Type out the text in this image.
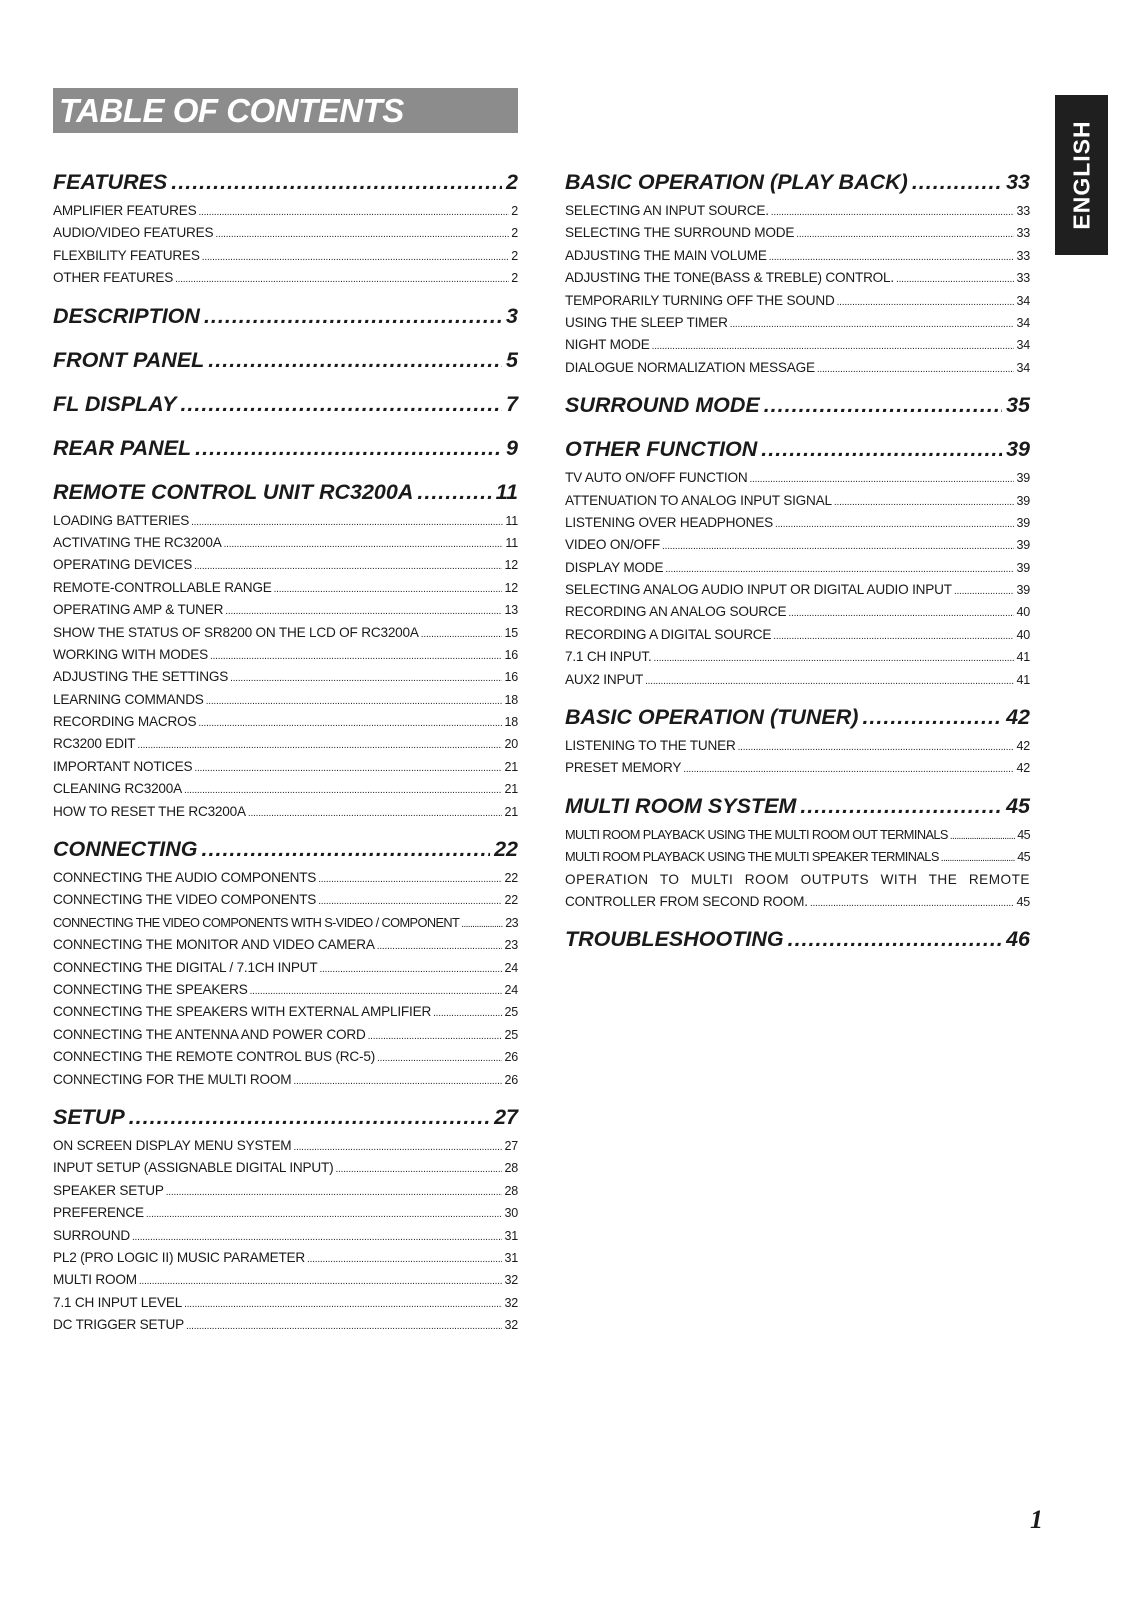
TABLE OF CONTENTS
ENGLISH
FEATURES .....	2
AMPLIFIER FEATURES .....	2
AUDIO/VIDEO FEATURES .....	2
FLEXBILITY FEATURES .....	2
OTHER FEATURES .....	2
DESCRIPTION .....	3
FRONT PANEL .....	5
FL DISPLAY .....	7
REAR PANEL .....	9
REMOTE CONTROL UNIT RC3200A .....	11
LOADING BATTERIES .....	11
ACTIVATING THE RC3200A .....	11
OPERATING DEVICES .....	12
REMOTE-CONTROLLABLE RANGE .....	12
OPERATING AMP & TUNER .....	13
SHOW THE STATUS OF SR8200 ON THE LCD OF RC3200A .....	15
WORKING WITH MODES .....	16
ADJUSTING THE SETTINGS .....	16
LEARNING COMMANDS .....	18
RECORDING MACROS .....	18
RC3200 EDIT .....	20
IMPORTANT NOTICES .....	21
CLEANING RC3200A .....	21
HOW TO RESET THE RC3200A .....	21
CONNECTING .....	22
CONNECTING THE AUDIO COMPONENTS .....	22
CONNECTING THE VIDEO COMPONENTS .....	22
CONNECTING THE VIDEO COMPONENTS WITH S-VIDEO / COMPONENT .....	23
CONNECTING THE MONITOR AND VIDEO CAMERA .....	23
CONNECTING THE DIGITAL / 7.1CH INPUT .....	24
CONNECTING THE SPEAKERS .....	24
CONNECTING THE SPEAKERS WITH EXTERNAL AMPLIFIER .....	25
CONNECTING THE ANTENNA AND POWER CORD .....	25
CONNECTING THE REMOTE CONTROL BUS (RC-5) .....	26
CONNECTING FOR THE MULTI ROOM .....	26
SETUP .....	27
ON SCREEN DISPLAY MENU SYSTEM .....	27
INPUT SETUP (ASSIGNABLE DIGITAL INPUT) .....	28
SPEAKER SETUP .....	28
PREFERENCE .....	30
SURROUND .....	31
PL2 (PRO LOGIC II) MUSIC PARAMETER .....	31
MULTI ROOM .....	32
7.1 CH INPUT LEVEL .....	32
DC TRIGGER SETUP .....	32
BASIC OPERATION (PLAY BACK) .....	33
SELECTING AN INPUT SOURCE. .....	33
SELECTING THE SURROUND MODE .....	33
ADJUSTING THE MAIN VOLUME .....	33
ADJUSTING THE TONE(BASS & TREBLE) CONTROL. .....	33
TEMPORARILY TURNING OFF THE SOUND .....	34
USING THE SLEEP TIMER .....	34
NIGHT MODE .....	34
DIALOGUE NORMALIZATION MESSAGE .....	34
SURROUND MODE .....	35
OTHER FUNCTION .....	39
TV AUTO ON/OFF FUNCTION .....	39
ATTENUATION TO ANALOG INPUT SIGNAL .....	39
LISTENING OVER HEADPHONES .....	39
VIDEO ON/OFF .....	39
DISPLAY MODE .....	39
SELECTING ANALOG AUDIO INPUT OR DIGITAL AUDIO INPUT .....	39
RECORDING AN ANALOG SOURCE .....	40
RECORDING A DIGITAL SOURCE .....	40
7.1 CH INPUT. .....	41
AUX2 INPUT .....	41
BASIC OPERATION (TUNER) .....	42
LISTENING TO THE TUNER .....	42
PRESET MEMORY .....	42
MULTI ROOM SYSTEM .....	45
MULTI ROOM PLAYBACK USING THE MULTI ROOM OUT TERMINALS .....	45
MULTI ROOM PLAYBACK USING THE MULTI SPEAKER TERMINALS .....	45
OPERATION TO MULTI ROOM OUTPUTS WITH THE REMOTE
CONTROLLER FROM SECOND ROOM. .....	45
TROUBLESHOOTING .....	46
1
